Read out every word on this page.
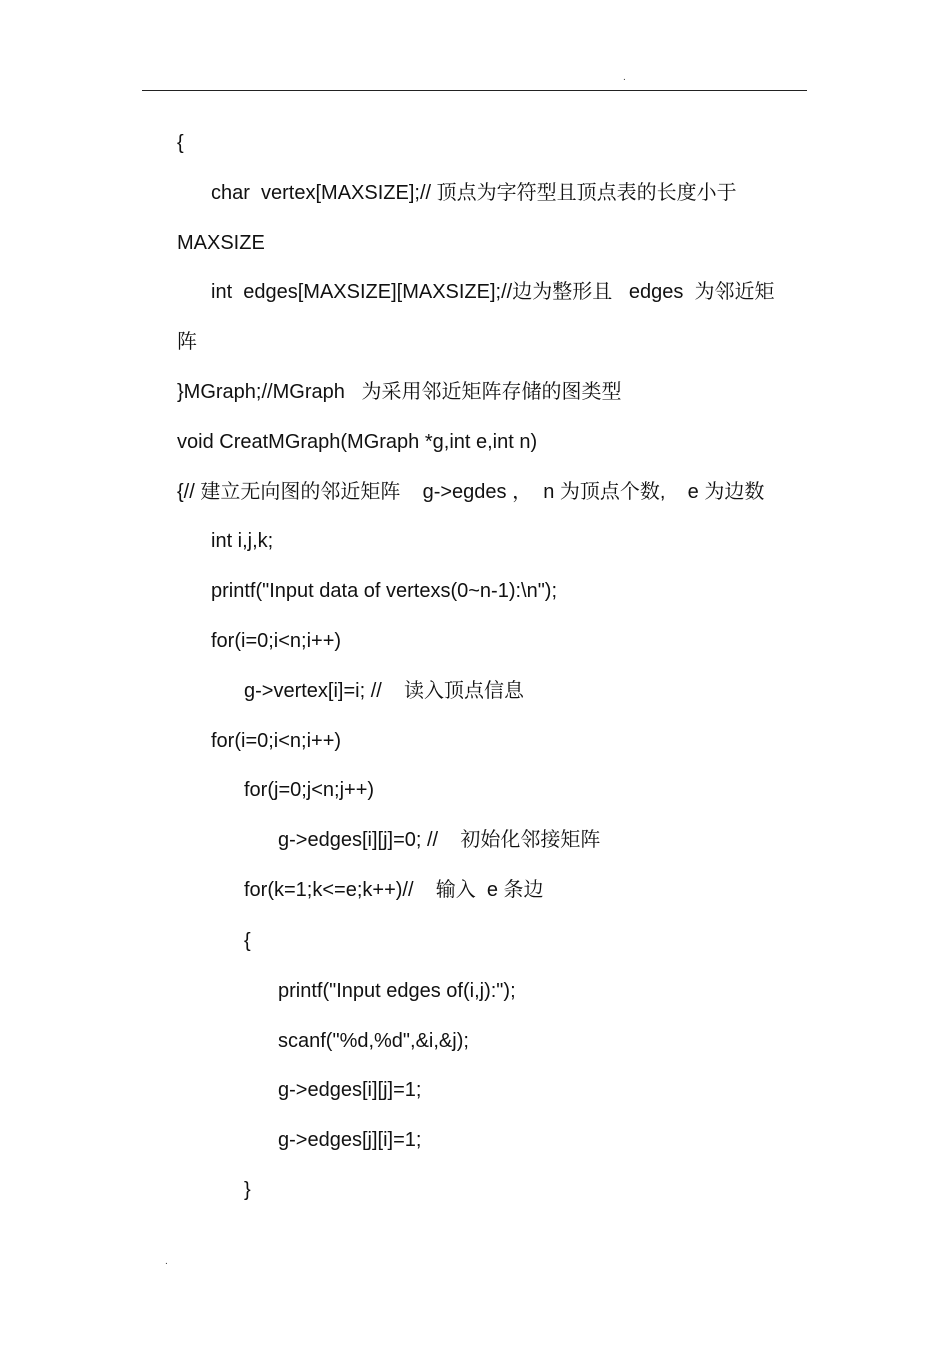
.
{
char  vertex[MAXSIZE];// 顶点为字符型且顶点表的长度小于
MAXSIZE
int  edges[MAXSIZE][MAXSIZE];//边为整形且   edges  为邻近矩
阵
}MGraph;//MGraph   为采用邻近矩阵存储的图类型
void CreatMGraph(MGraph *g,int e,int n)
{// 建立无向图的邻近矩阵    g->egdes ，  n 为顶点个数,    e 为边数
int i,j,k;
printf("Input data of vertexs(0~n-1):\n");
for(i=0;i<n;i++)
g->vertex[i]=i; //    读入顶点信息
for(i=0;i<n;i++)
for(j=0;j<n;j++)
g->edges[i][j]=0; //    初始化邻接矩阵
for(k=1;k<=e;k++)//    输入  e 条边
{
printf("Input edges of(i,j):");
scanf("%d,%d",&i,&j);
g->edges[i][j]=1;
g->edges[j][i]=1;
}
.
